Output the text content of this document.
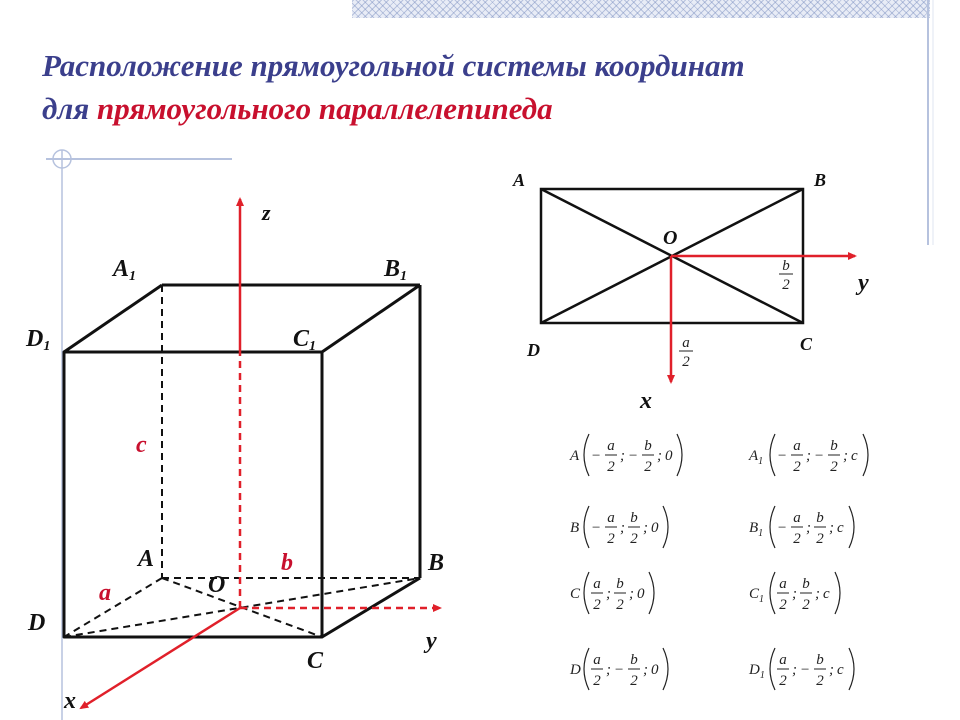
Расположение прямоугольной системы координат
для прямоугольного параллелепипеда
z
y
x
O
A	B
C
D
A1	B1
C1
D1
c
b
a
A	B
C
D
O
y
x
b
2
a
2
A −
a
2
; −
b
2
; 0	$A_1$ −
a
2
; −
b
2
; c
B −
a
2
;
b
2
; 0	$B_1$ −
a
2
;
b
2
; c
C
a
2
;
b
2
; 0	$C_1$
a
2
;
b
2
; c
D
a
2
; −
b
2
; 0	$D_1$
a
2
; −
b
2
; c
